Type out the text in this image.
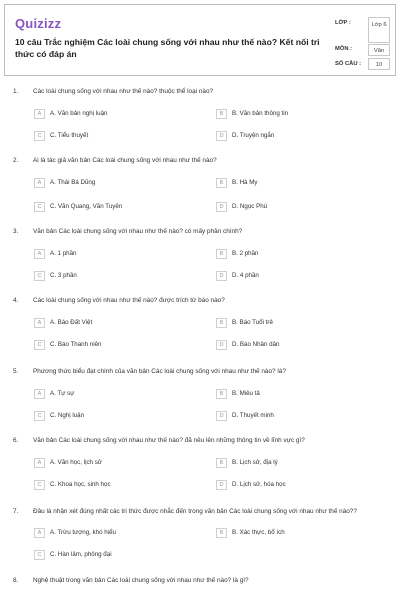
Quizizz
10 câu Trắc nghiệm Các loài chung sống với nhau như thế nào? Kết nối tri thức có đáp án
LỚP :	Lớp 6
MÔN :	Văn
SỐ CÂU :	10
1. Các loài chung sống với nhau như thế nào? thuộc thể loại nào?
A	A. Văn bản nghị luận	B	B. Văn bản thông tin
C	C. Tiểu thuyết	D	D. Truyện ngắn
2. Ai là tác giả văn bản Các loài chung sống với nhau như thế nào?
A	A. Thái Bá Dũng	B	B. Hà My
C	C. Văn Quang, Văn Tuyên	D	D. Ngọc Phú
3. Văn bản Các loài chung sống với nhau như thế nào? có mấy phần chính?
A	A. 1 phần	B	B. 2 phần
C	C. 3 phần	D	D. 4 phần
4. Các loài chung sống với nhau như thế nào? được trích từ báo nào?
A	A. Báo Đất Việt	B	B. Báo Tuổi trẻ
C	C. Báo Thanh niên	D	D. Báo Nhân dân
5. Phương thức biểu đạt chính của văn bản Các loài chung sống với nhau như thế nào? là?
A	A. Tự sự	B	B. Miêu tả
C	C. Nghị luận	D	D. Thuyết minh
6. Văn bản Các loài chung sống với nhau như thế nào? đã nêu lên những thông tin về lĩnh vực gì?
A	A. Văn học, lịch sử	B	B. Lịch sử, địa lý
C	C. Khoa học, sinh học	D	D. Lịch sử, hóa học
7. Đâu là nhận xét đúng nhất các tri thức được nhắc đến trong văn bản Các loài chung sống với nhau như thế nào??
A	A. Trừu tượng, khó hiểu	B	B. Xác thực, bổ ích
C	C. Hàn lâm, phông đại
8. Nghệ thuật trong văn bản Các loài chung sống với nhau như thế nào? là gì?
